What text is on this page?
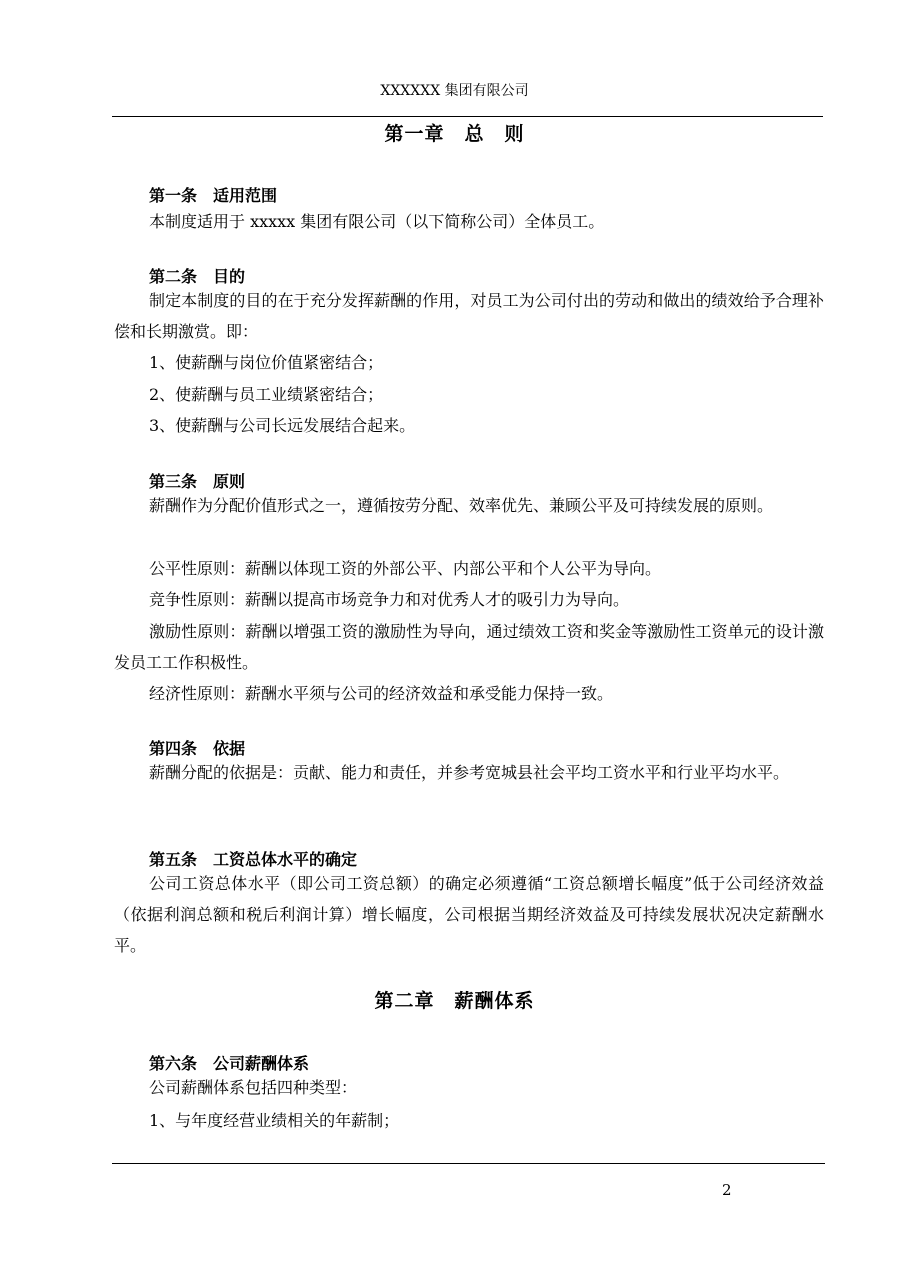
XXXXXX 集团有限公司
第一章　总　则
第一条 适用范围
本制度适用于 xxxxx 集团有限公司（以下简称公司）全体员工。
第二条 目的
制定本制度的目的在于充分发挥薪酬的作用，对员工为公司付出的劳动和做出的绩效给予合理补偿和长期激赏。即：
1、使薪酬与岗位价值紧密结合；
2、使薪酬与员工业绩紧密结合；
3、使薪酬与公司长远发展结合起来。
第三条 原则
薪酬作为分配价值形式之一，遵循按劳分配、效率优先、兼顾公平及可持续发展的原则。
公平性原则：薪酬以体现工资的外部公平、内部公平和个人公平为导向。
竞争性原则：薪酬以提高市场竞争力和对优秀人才的吸引力为导向。
激励性原则：薪酬以增强工资的激励性为导向，通过绩效工资和奖金等激励性工资单元的设计激发员工工作积极性。
经济性原则：薪酬水平须与公司的经济效益和承受能力保持一致。
第四条 依据
薪酬分配的依据是：贡献、能力和责任，并参考宽城县社会平均工资水平和行业平均水平。
第五条 工资总体水平的确定
公司工资总体水平（即公司工资总额）的确定必须遵循“工资总额增长幅度”低于公司经济效益（依据利润总额和税后利润计算）增长幅度，公司根据当期经济效益及可持续发展状况决定薪酬水平。
第二章　薪酬体系
第六条 公司薪酬体系
公司薪酬体系包括四种类型：
1、与年度经营业绩相关的年薪制；
2
